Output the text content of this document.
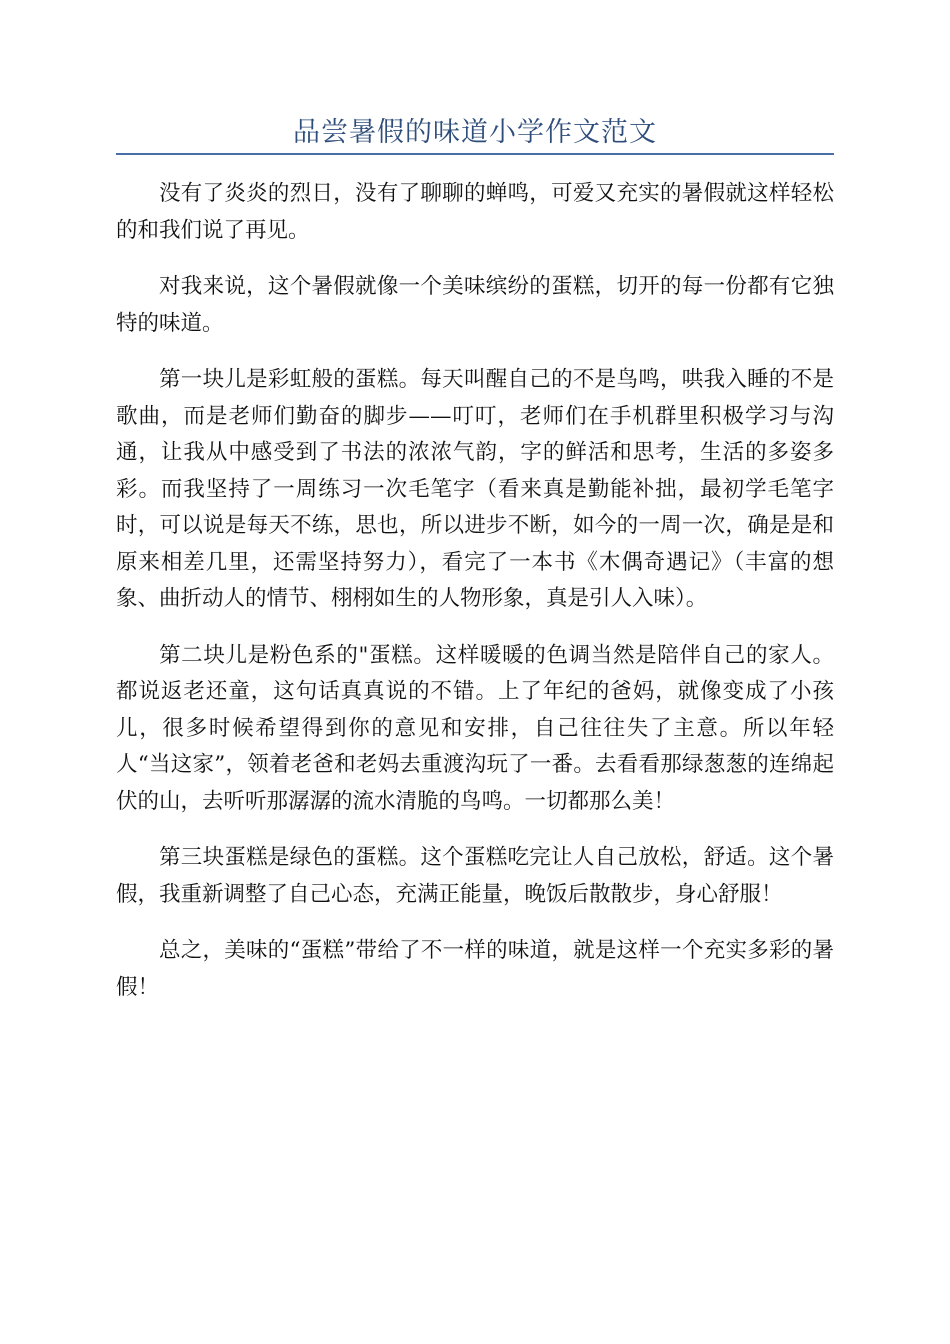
品尝暑假的味道小学作文范文

没有了炎炎的烈日，没有了聊聊的蝉鸣，可爱又充实的暑假就这样轻松的和我们说了再见。

对我来说，这个暑假就像一个美味缤纷的蛋糕，切开的每一份都有它独特的味道。

第一块儿是彩虹般的蛋糕。每天叫醒自己的不是鸟鸣，哄我入睡的不是歌曲，而是老师们勤奋的脚步——叮叮，老师们在手机群里积极学习与沟通，让我从中感受到了书法的浓浓气韵，字的鲜活和思考，生活的多姿多彩。而我坚持了一周练习一次毛笔字（看来真是勤能补拙，最初学毛笔字时，可以说是每天不练，思也，所以进步不断，如今的一周一次，确是是和原来相差几里，还需坚持努力），看完了一本书《木偶奇遇记》（丰富的想象、曲折动人的情节、栩栩如生的人物形象，真是引人入味）。

第二块儿是粉色系的"蛋糕。这样暖暖的色调当然是陪伴自己的家人。都说返老还童，这句话真真说的不错。上了年纪的爸妈，就像变成了小孩儿，很多时候希望得到你的意见和安排，自己往往失了主意。所以年轻人“当这家”，领着老爸和老妈去重渡沟玩了一番。去看看那绿葱葱的连绵起伏的山，去听听那潺潺的流水清脆的鸟鸣。一切都那么美！

第三块蛋糕是绿色的蛋糕。这个蛋糕吃完让人自己放松，舒适。这个暑假，我重新调整了自己心态，充满正能量，晚饭后散散步，身心舒服！

总之，美味的“蛋糕”带给了不一样的味道，就是这样一个充实多彩的暑假！
